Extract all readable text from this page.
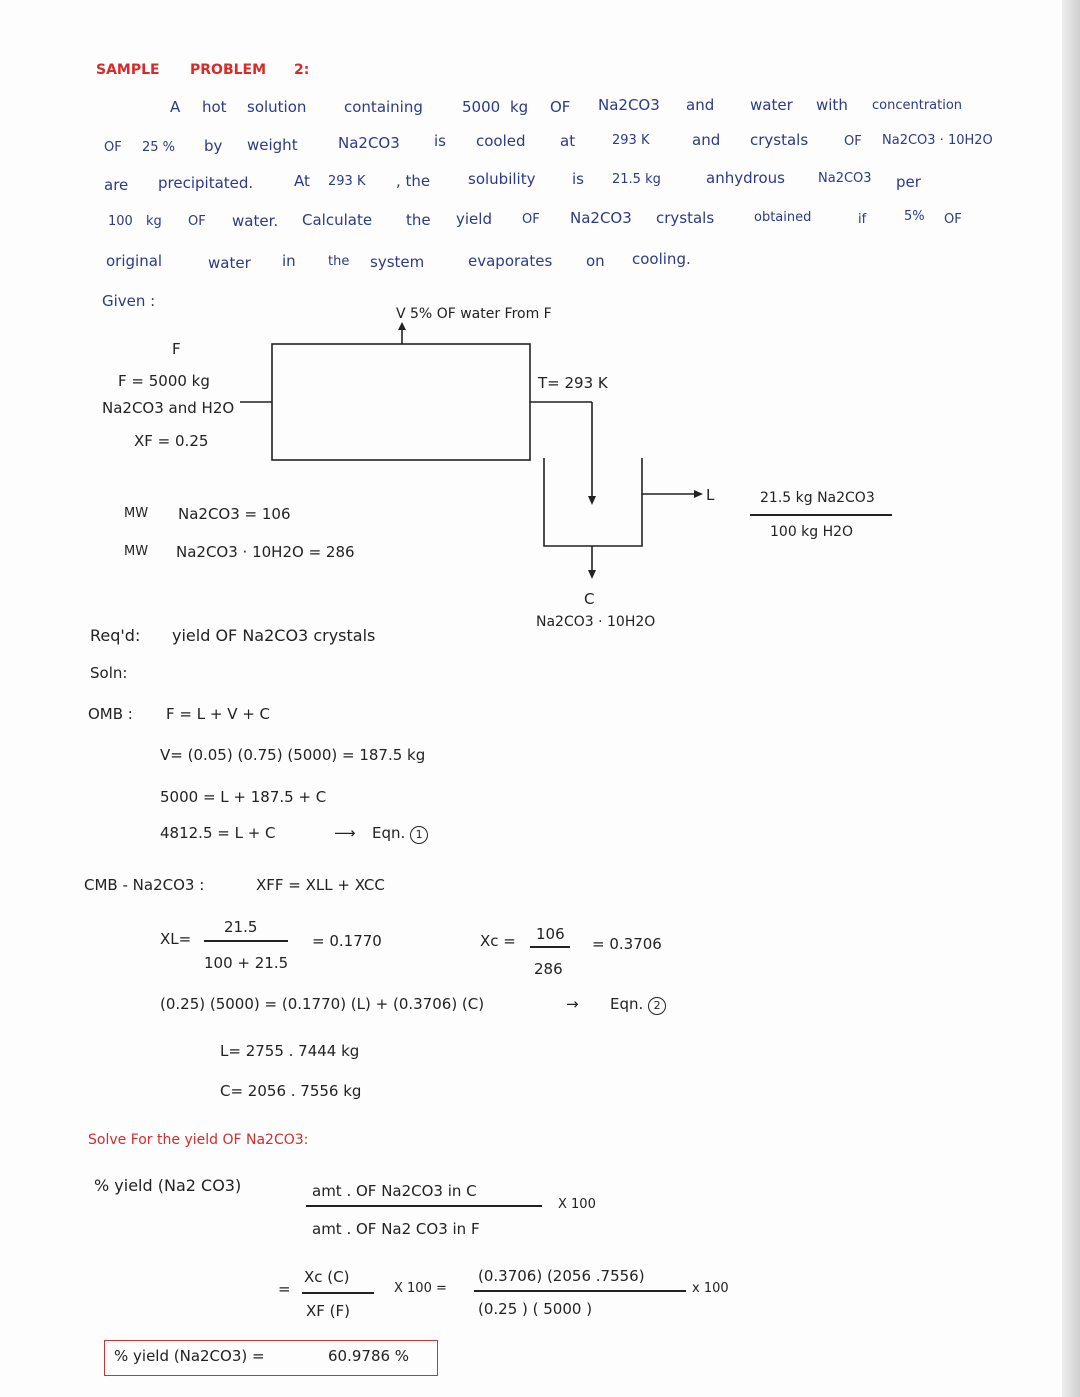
SAMPLE PROBLEM 2:
A hot solution	containing	5000 kg OF Na2CO3 and water with concentration
OF 25 % by weight	Na2CO3 is cooled at	293 K	and crystals	OF Na2CO3 · 10H2O
are precipitated.	At 293 K , the	solubility is 21.5 kg	anhydrous	Na2CO3 per
100 kg OF water. Calculate the yield OF Na2CO3 crystals	obtained	if	5% OF
original	water in the system	evaporates on cooling.
Given :
V 5% OF water From F
F
F = 5000 kg
Na2CO3 and H2O
XF = 0.25
T= 293 K
L
C
Na2CO3 · 10H2O
21.5 kg Na2CO3
100 kg H2O
MW Na2CO3 = 106
MW Na2CO3 · 10H2O = 286
Req'd: yield OF Na2CO3 crystals
Soln:
OMB : F = L + V + C
V= (0.05) (0.75) (5000) = 187.5 kg
5000 = L + 187.5 + C
4812.5 = L + C	⟶ Eqn. 1
CMB - Na2CO3 :	XFF = XLL + XCC
XL=
21.5
100 + 21.5
= 0.1770	Xc = 106
286
= 0.3706
(0.25) (5000) = (0.1770) (L) + (0.3706) (C)	→ Eqn. 2
L= 2755 . 7444 kg
C= 2056 . 7556 kg
Solve For the yield OF Na2CO3:
% yield (Na2 CO3)	amt . OF Na2CO3 in C
amt . OF Na2 CO3 in F
X 100
=
Xc (C)
XF (F)
X 100 =
(0.3706) (2056 .7556)
(0.25 ) ( 5000 )
x 100
% yield (Na2CO3) =	60.9786 %
